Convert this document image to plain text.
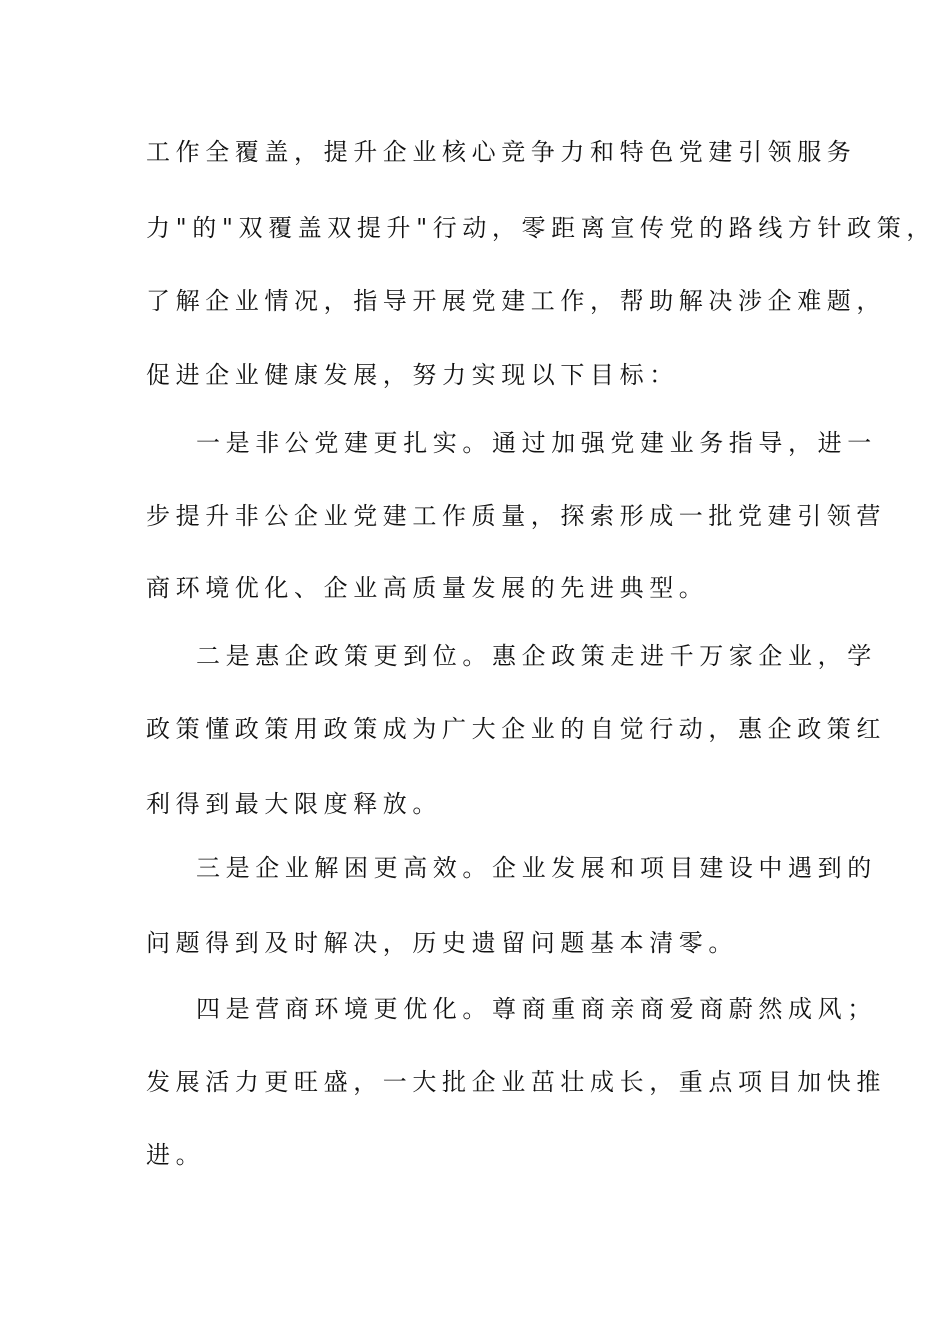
工作全覆盖，提升企业核心竞争力和特色党建引领服务
力"的"双覆盖双提升"行动，零距离宣传党的路线方针政策，
了解企业情况，指导开展党建工作，帮助解决涉企难题，
促进企业健康发展，努力实现以下目标：
一是非公党建更扎实。通过加强党建业务指导，进一
步提升非公企业党建工作质量，探索形成一批党建引领营
商环境优化、企业高质量发展的先进典型。
二是惠企政策更到位。惠企政策走进千万家企业，学
政策懂政策用政策成为广大企业的自觉行动，惠企政策红
利得到最大限度释放。
三是企业解困更高效。企业发展和项目建设中遇到的
问题得到及时解决，历史遗留问题基本清零。
四是营商环境更优化。尊商重商亲商爱商蔚然成风；
发展活力更旺盛，一大批企业茁壮成长，重点项目加快推
进。
